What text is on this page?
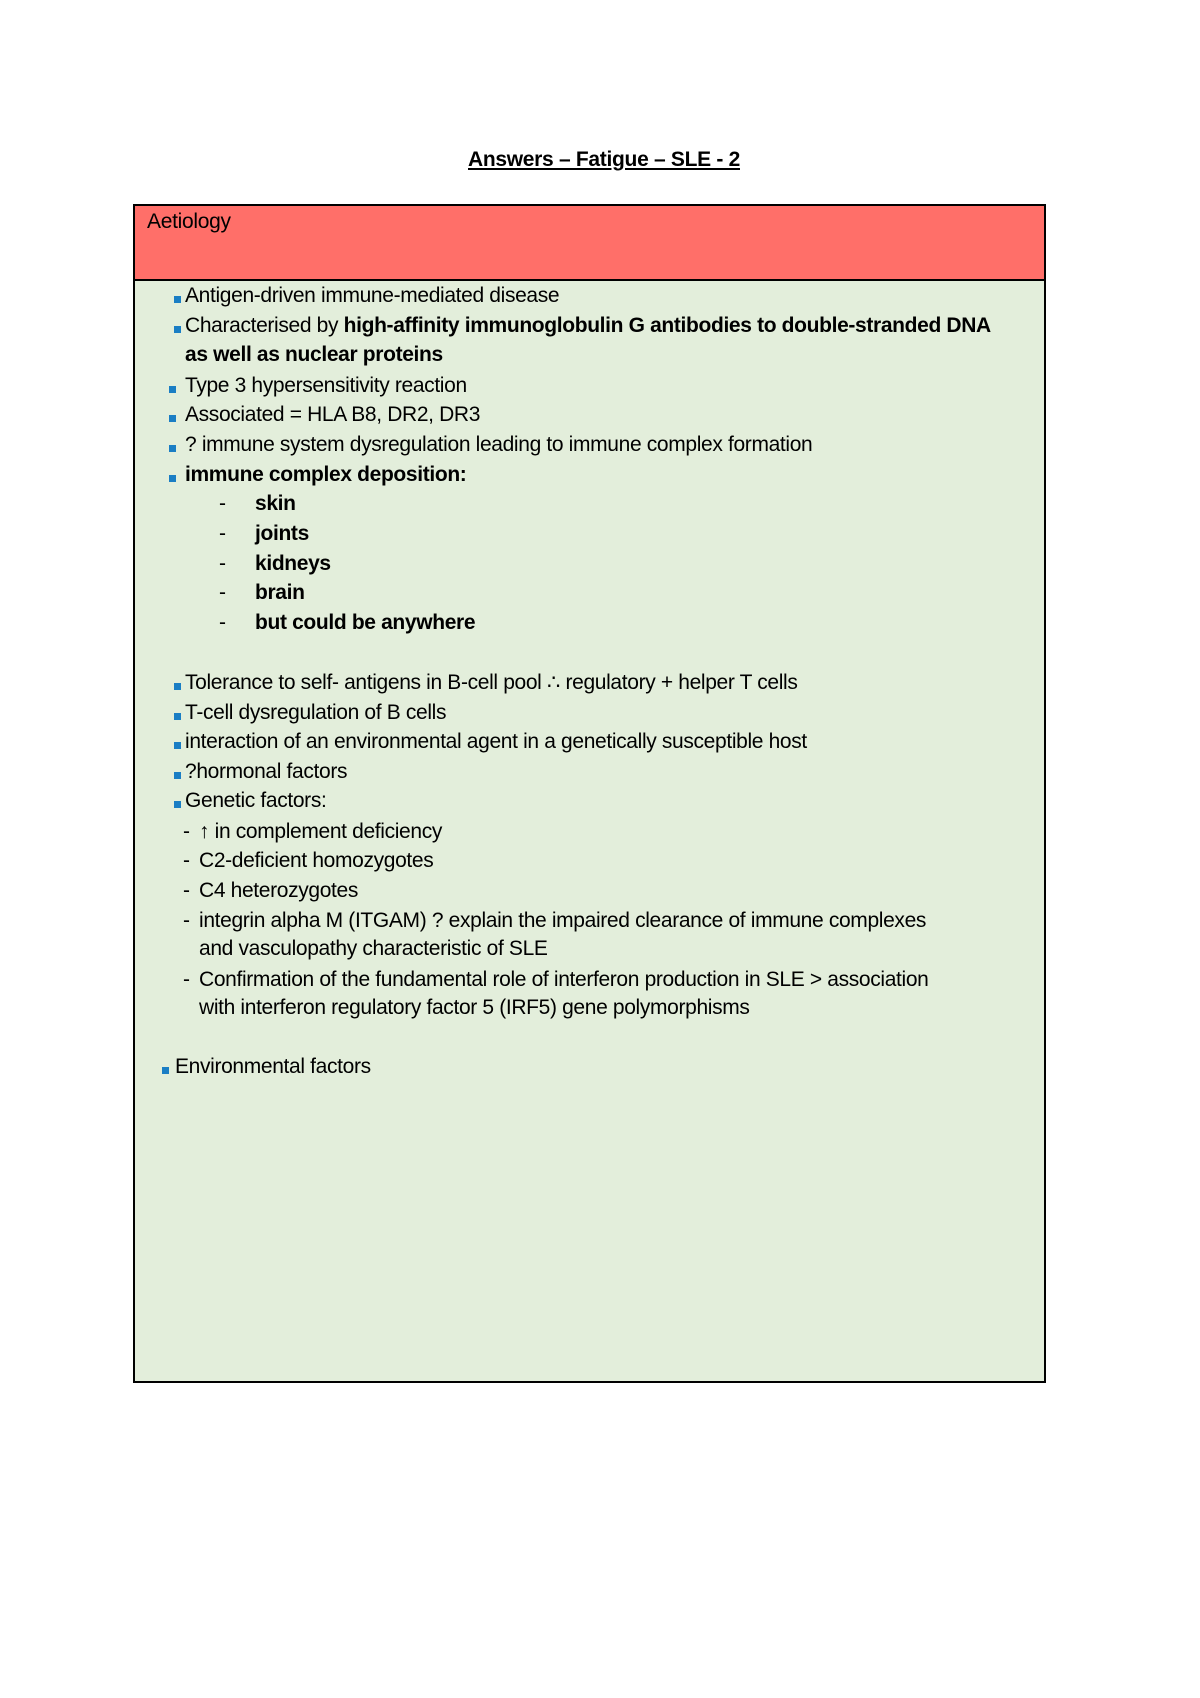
Answers – Fatigue – SLE - 2
Aetiology
Antigen-driven immune-mediated disease
Characterised by high-affinity immunoglobulin G antibodies to double-stranded DNA
as well as nuclear proteins
Type 3 hypersensitivity reaction
Associated = HLA B8, DR2, DR3
? immune system dysregulation leading to immune complex formation
immune complex deposition:
- skin
- joints
- kidneys
- brain
- but could be anywhere
Tolerance to self- antigens in B-cell pool ∴ regulatory + helper T cells
T-cell dysregulation of B cells
interaction of an environmental agent in a genetically susceptible host
?hormonal factors
Genetic factors:
- ↑ in complement deficiency
- C2-deficient homozygotes
- C4 heterozygotes
- integrin alpha M (ITGAM) ? explain the impaired clearance of immune complexes
and vasculopathy characteristic of SLE
- Confirmation of the fundamental role of interferon production in SLE > association
with interferon regulatory factor 5 (IRF5) gene polymorphisms
Environmental factors
